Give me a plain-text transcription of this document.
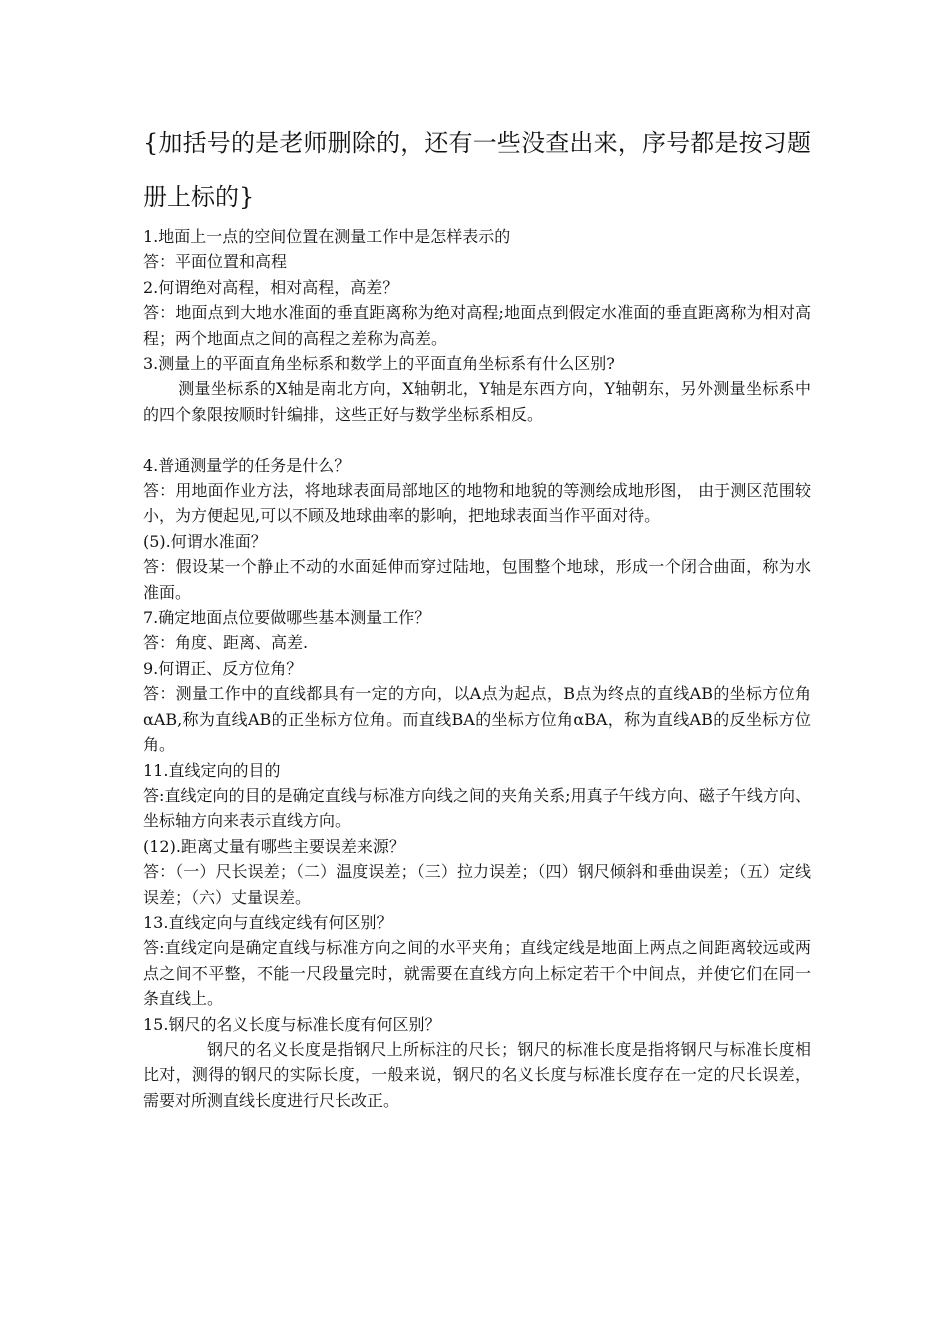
{加括号的是老师删除的，还有一些没查出来，序号都是按习题册上标的}

1.地面上一点的空间位置在测量工作中是怎样表示的

答：平面位置和高程

2.何谓绝对高程，相对高程，高差？

答：地面点到大地水准面的垂直距离称为绝对高程;地面点到假定水准面的垂直距离称为相对高程；两个地面点之间的高程之差称为高差。

3.测量上的平面直角坐标系和数学上的平面直角坐标系有什么区别?

测量坐标系的X轴是南北方向，X轴朝北，Y轴是东西方向，Y轴朝东，另外测量坐标系中的四个象限按顺时针编排，这些正好与数学坐标系相反。

4.普通测量学的任务是什么？

答：用地面作业方法，将地球表面局部地区的地物和地貌的等测绘成地形图， 由于测区范围较小，为方便起见,可以不顾及地球曲率的影响，把地球表面当作平面对待。

(5).何谓水准面？

答：假设某一个静止不动的水面延伸而穿过陆地，包围整个地球，形成一个闭合曲面，称为水准面。

7.确定地面点位要做哪些基本测量工作？

答：角度、距离、高差.

9.何谓正、反方位角？

答：测量工作中的直线都具有一定的方向，以A点为起点，B点为终点的直线AB的坐标方位角αAB,称为直线AB的正坐标方位角。而直线BA的坐标方位角αBA，称为直线AB的反坐标方位角。

11.直线定向的目的

答:直线定向的目的是确定直线与标准方向线之间的夹角关系;用真子午线方向、磁子午线方向、坐标轴方向来表示直线方向。

(12).距离丈量有哪些主要误差来源？

答：（一）尺长误差；（二）温度误差；（三）拉力误差；（四）钢尺倾斜和垂曲误差；（五）定线误差；（六）丈量误差。

13.直线定向与直线定线有何区别？

答:直线定向是确定直线与标准方向之间的水平夹角；直线定线是地面上两点之间距离较远或两点之间不平整，不能一尺段量完时，就需要在直线方向上标定若干个中间点，并使它们在同一条直线上。

15.钢尺的名义长度与标准长度有何区别？

钢尺的名义长度是指钢尺上所标注的尺长；钢尺的标准长度是指将钢尺与标准长度相比对，测得的钢尺的实际长度，一般来说，钢尺的名义长度与标准长度存在一定的尺长误差，需要对所测直线长度进行尺长改正。
